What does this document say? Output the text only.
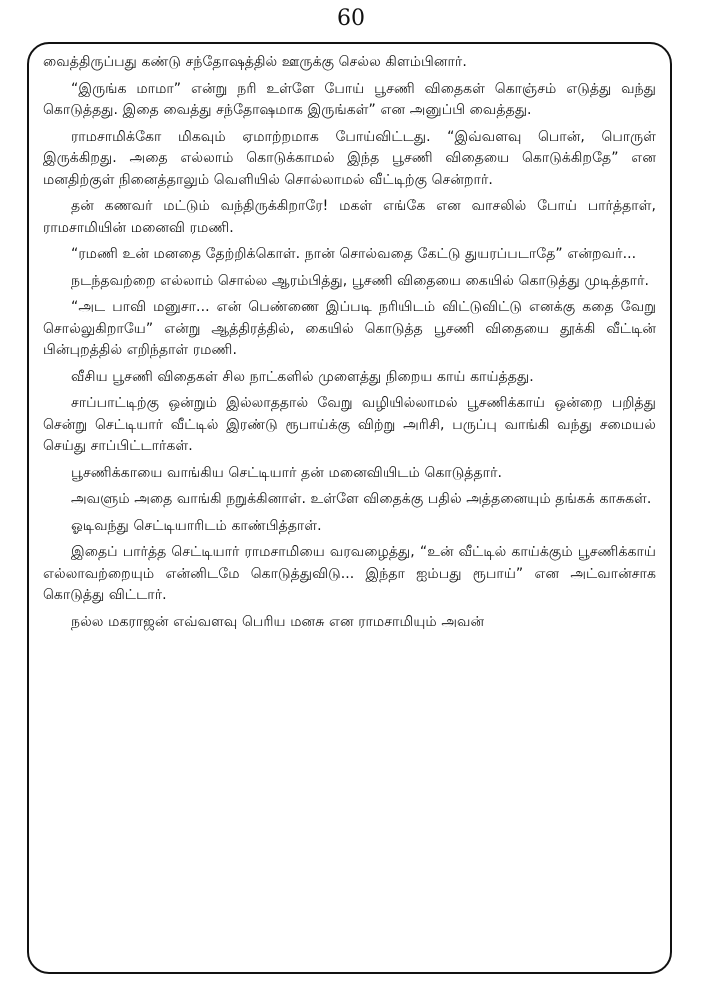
60

வைத்திருப்பது கண்டு சந்தோஷத்தில் ஊருக்கு செல்ல கிளம்பினார்.

“இருங்க மாமா” என்று நரி உள்ளே போய் பூசணி விதைகள் கொஞ்சம் எடுத்து வந்து கொடுத்தது. இதை வைத்து சந்தோஷமாக இருங்கள்” என அனுப்பி வைத்தது.

ராமசாமிக்கோ மிகவும் ஏமாற்றமாக போய்விட்டது. “இவ்வளவு பொன், பொருள் இருக்கிறது. அதை எல்லாம் கொடுக்காமல் இந்த பூசணி விதையை கொடுக்கிறதே” என மனதிற்குள் நினைத்தாலும் வெளியில் சொல்லாமல் வீட்டிற்கு சென்றார்.

தன் கணவர் மட்டும் வந்திருக்கிறாரே! மகள் எங்கே என வாசலில் போய் பார்த்தாள், ராமசாமியின் மனைவி ரமணி.

“ரமணி உன் மனதை தேற்றிக்கொள். நான் சொல்வதை கேட்டு துயரப்படாதே” என்றவர்...

நடந்தவற்றை எல்லாம் சொல்ல ஆரம்பித்து, பூசணி விதையை கையில் கொடுத்து முடித்தார்.

“அட பாவி மனுசா... என் பெண்ணை இப்படி நரியிடம் விட்டுவிட்டு எனக்கு கதை வேறு சொல்லுகிறாயே” என்று ஆத்திரத்தில், கையில் கொடுத்த பூசணி விதையை தூக்கி வீட்டின் பின்புறத்தில் எறிந்தாள் ரமணி.

வீசிய பூசணி விதைகள் சில நாட்களில் முளைத்து நிறைய காய் காய்த்தது.

சாப்பாட்டிற்கு ஒன்றும் இல்லாததால் வேறு வழியில்லாமல் பூசணிக்காய் ஒன்றை பறித்து சென்று செட்டியார் வீட்டில் இரண்டு ரூபாய்க்கு விற்று அரிசி, பருப்பு வாங்கி வந்து சமையல் செய்து சாப்பிட்டார்கள்.

பூசணிக்காயை வாங்கிய செட்டியார் தன் மனைவியிடம் கொடுத்தார்.

அவளும் அதை வாங்கி நறுக்கினாள். உள்ளே விதைக்கு பதில் அத்தனையும் தங்கக் காசுகள்.

ஓடிவந்து செட்டியாரிடம் காண்பித்தாள்.

இதைப் பார்த்த செட்டியார் ராமசாமியை வரவழைத்து, “உன் வீட்டில் காய்க்கும் பூசணிக்காய் எல்லாவற்றையும் என்னிடமே கொடுத்துவிடு... இந்தா ஐம்பது ரூபாய்” என அட்வான்சாக கொடுத்து விட்டார்.

நல்ல மகராஜன் எவ்வளவு பெரிய மனசு என ராமசாமியும் அவன்
